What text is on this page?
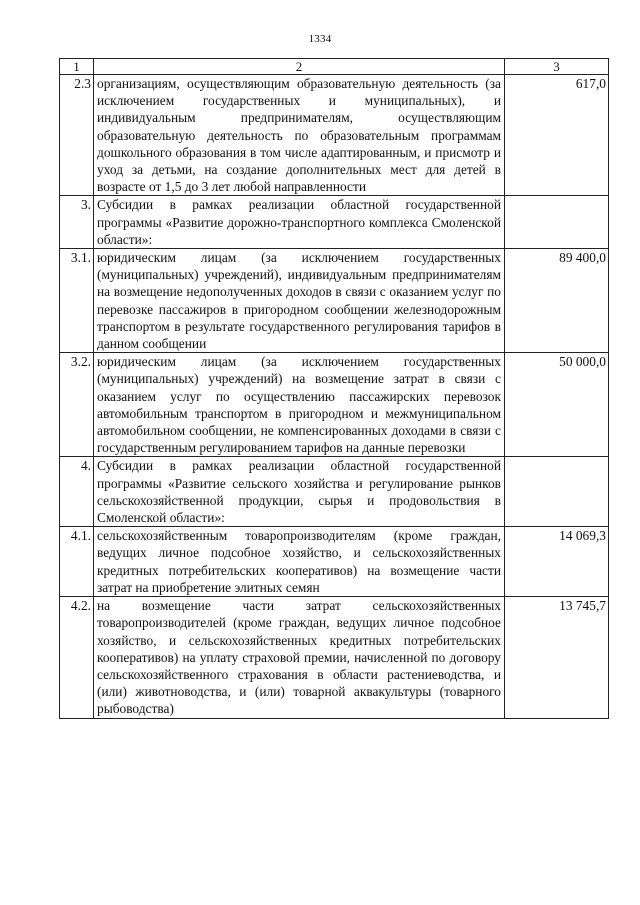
1334
1	2	3
2.3	организациям, осуществляющим образовательную деятельность (за исключением государственных и муниципальных), и индивидуальным предпринимателям, осуществляющим образовательную деятельность по образовательным программам дошкольного образования в том числе адаптированным, и присмотр и уход за детьми, на создание дополнительных мест для детей в возрасте от 1,5 до 3 лет любой направленности	617,0
3.	Субсидии в рамках реализации областной государственной программы «Развитие дорожно-транспортного комплекса Смоленской области»:	
3.1.	юридическим лицам (за исключением государственных (муниципальных) учреждений), индивидуальным предпринимателям на возмещение недополученных доходов в связи с оказанием услуг по перевозке пассажиров в пригородном сообщении железнодорожным транспортом в результате государственного регулирования тарифов в данном сообщении	89 400,0
3.2.	юридическим лицам (за исключением государственных (муниципальных) учреждений) на возмещение затрат в связи с оказанием услуг по осуществлению пассажирских перевозок автомобильным транспортом в пригородном и межмуниципальном автомобильном сообщении, не компенсированных доходами в связи с государственным регулированием тарифов на данные перевозки	50 000,0
4.	Субсидии в рамках реализации областной государственной программы «Развитие сельского хозяйства и регулирование рынков сельскохозяйственной продукции, сырья и продовольствия в Смоленской области»:	
4.1.	сельскохозяйственным товаропроизводителям (кроме граждан, ведущих личное подсобное хозяйство, и сельскохозяйственных кредитных потребительских кооперативов) на возмещение части затрат на приобретение элитных семян	14 069,3
4.2.	на возмещение части затрат сельскохозяйственных товаропроизводителей (кроме граждан, ведущих личное подсобное хозяйство, и сельскохозяйственных кредитных потребительских кооперативов) на уплату страховой премии, начисленной по договору сельскохозяйственного страхования в области растениеводства, и (или) животноводства, и (или) товарной аквакультуры (товарного рыбоводства)	13 745,7
